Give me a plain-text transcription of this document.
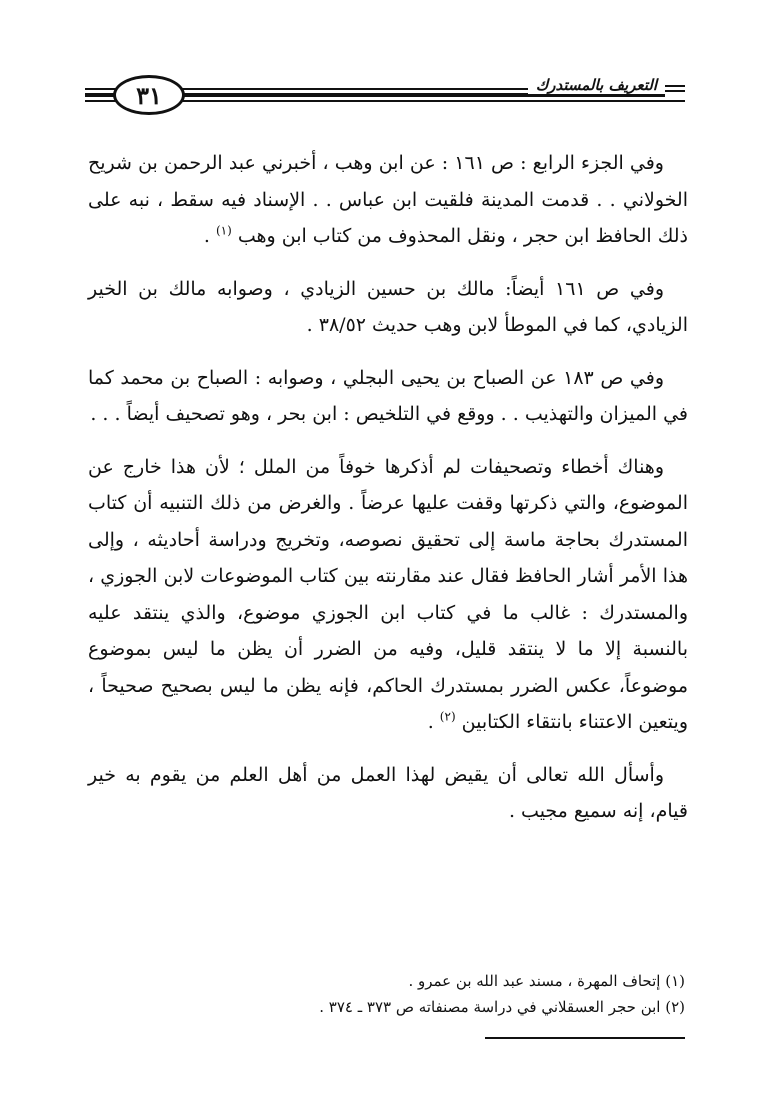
٣١	التعريف بالمستدرك

وفي الجزء الرابع : ص ١٦١ : عن ابن وهب ، أخبرني عبد الرحمن بن شريح الخولاني . . قدمت المدينة فلقيت ابن عباس . . الإسناد فيه سقط ، نبه على ذلك الحافظ ابن حجر ، ونقل المحذوف من كتاب ابن وهب $^{(١)}$ .

وفي ص ١٦١ أيضاً: مالك بن حسين الزيادي ، وصوابه مالك بن الخير الزيادي، كما في الموطأ لابن وهب حديث ٣٨/٥٢ .

وفي ص ١٨٣ عن الصباح بن يحيى البجلي ، وصوابه : الصباح بن محمد كما في الميزان والتهذيب . . ووقع في التلخيص : ابن بحر ، وهو تصحيف أيضاً . . .

وهناك أخطاء وتصحيفات لم أذكرها خوفاً من الملل ؛ لأن هذا خارج عن الموضوع، والتي ذكرتها وقفت عليها عرضاً . والغرض من ذلك التنبيه أن كتاب المستدرك بحاجة ماسة إلى تحقيق نصوصه، وتخريج ودراسة أحاديثه ، وإلى هذا الأمر أشار الحافظ فقال عند مقارنته بين كتاب الموضوعات لابن الجوزي ، والمستدرك : غالب ما في كتاب ابن الجوزي موضوع، والذي ينتقد عليه بالنسبة إلا ما لا ينتقد قليل، وفيه من الضرر أن يظن ما ليس بموضوع موضوعاً، عكس الضرر بمستدرك الحاكم، فإنه يظن ما ليس بصحيح صحيحاً ، ويتعين الاعتناء بانتقاء الكتابين $^{(٢)}$ .

وأسأل الله تعالى أن يقيض لهذا العمل من أهل العلم من يقوم به خير قيام، إنه سميع مجيب .

(١) إتحاف المهرة ، مسند عبد الله بن عمرو .

(٢) ابن حجر العسقلاني في دراسة مصنفاته ص ٣٧٣ ـ ٣٧٤ .
